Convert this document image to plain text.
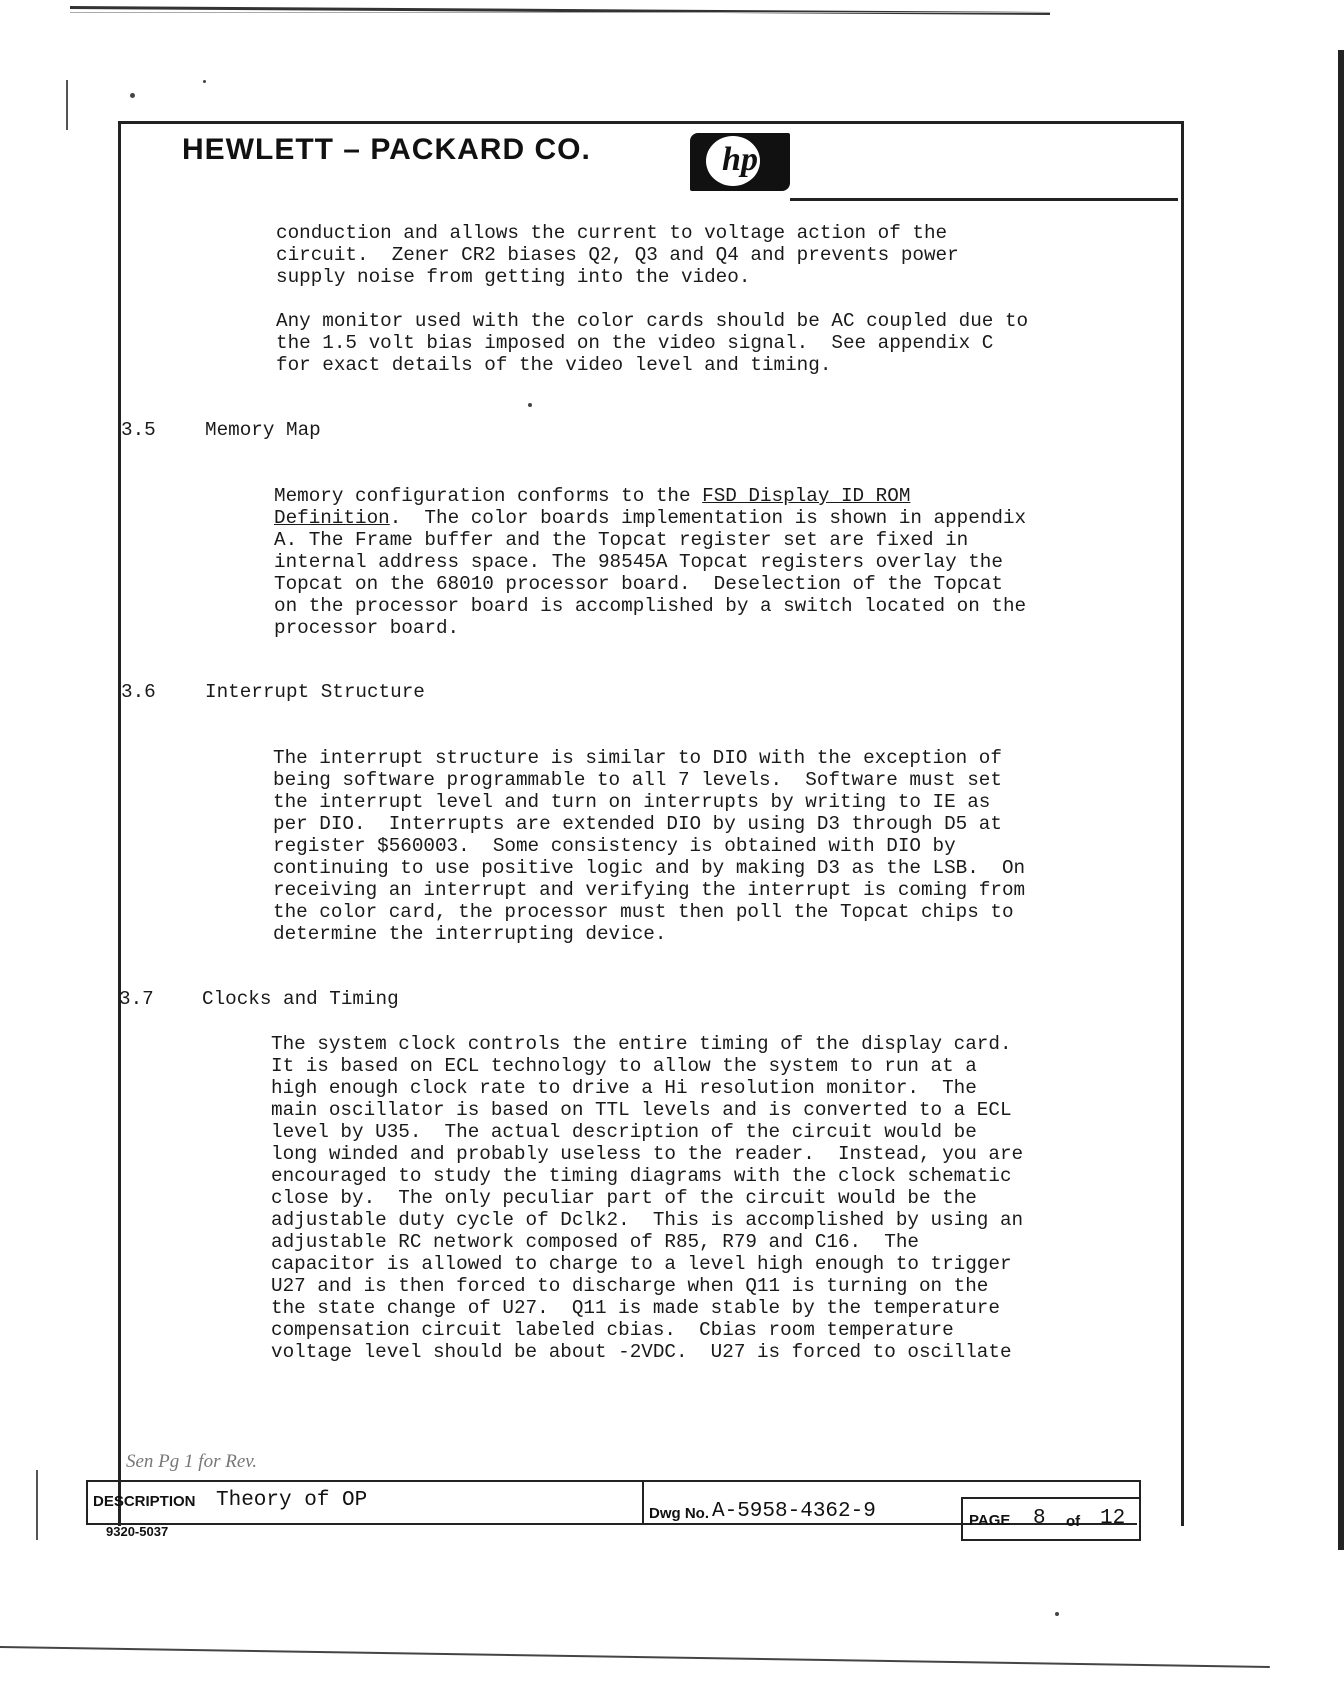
HEWLETT – PACKARD CO.	hp

conduction and allows the current to voltage action of the
circuit.  Zener CR2 biases Q2, Q3 and Q4 and prevents power
supply noise from getting into the video.

Any monitor used with the color cards should be AC coupled due to
the 1.5 volt bias imposed on the video signal.  See appendix C
for exact details of the video level and timing.

3.5	Memory Map

Memory configuration conforms to the FSD Display ID ROM
Definition.  The color boards implementation is shown in appendix
A. The Frame buffer and the Topcat register set are fixed in
internal address space. The 98545A Topcat registers overlay the
Topcat on the 68010 processor board.  Deselection of the Topcat
on the processor board is accomplished by a switch located on the
processor board.

3.6	Interrupt Structure

The interrupt structure is similar to DIO with the exception of
being software programmable to all 7 levels.  Software must set
the interrupt level and turn on interrupts by writing to IE as
per DIO.  Interrupts are extended DIO by using D3 through D5 at
register $560003.  Some consistency is obtained with DIO by
continuing to use positive logic and by making D3 as the LSB.  On
receiving an interrupt and verifying the interrupt is coming from
the color card, the processor must then poll the Topcat chips to
determine the interrupting device.

3.7	Clocks and Timing

The system clock controls the entire timing of the display card.
It is based on ECL technology to allow the system to run at a
high enough clock rate to drive a Hi resolution monitor.  The
main oscillator is based on TTL levels and is converted to a ECL
level by U35.  The actual description of the circuit would be
long winded and probably useless to the reader.  Instead, you are
encouraged to study the timing diagrams with the clock schematic
close by.  The only peculiar part of the circuit would be the
adjustable duty cycle of Dclk2.  This is accomplished by using an
adjustable RC network composed of R85, R79 and C16.  The
capacitor is allowed to charge to a level high enough to trigger
U27 and is then forced to discharge when Q11 is turning on the
the state change of U27.  Q11 is made stable by the temperature
compensation circuit labeled cbias.  Cbias room temperature
voltage level should be about -2VDC.  U27 is forced to oscillate

Sen Pg 1 for Rev.
DESCRIPTION Theory of OP
Dwg No. A-5958-4362-9	PAGE 8 of 12
9320-5037
